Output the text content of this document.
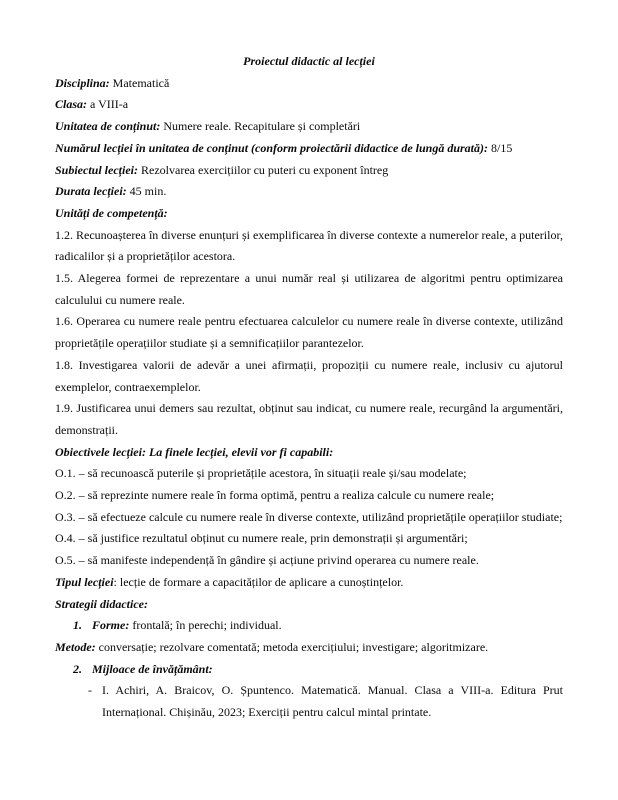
Proiectul didactic al lecției

Disciplina: Matematică

Clasa: a VIII-a

Unitatea de conținut: Numere reale. Recapitulare și completări

Numărul lecției în unitatea de conținut (conform proiectării didactice de lungă durată): 8/15

Subiectul lecției: Rezolvarea exercițiilor cu puteri cu exponent întreg

Durata lecției: 45 min.

Unități de competență:

1.2. Recunoașterea în diverse enunțuri și exemplificarea în diverse contexte a numerelor reale, a puterilor, radicalilor și a proprietăților acestora.

1.5. Alegerea formei de reprezentare a unui număr real și utilizarea de algoritmi pentru optimizarea calculului cu numere reale.

1.6. Operarea cu numere reale pentru efectuarea calculelor cu numere reale în diverse contexte, utilizând proprietățile operațiilor studiate și a semnificațiilor parantezelor.

1.8. Investigarea valorii de adevăr a unei afirmații, propoziții cu numere reale, inclusiv cu ajutorul exemplelor, contraexemplelor.

1.9. Justificarea unui demers sau rezultat, obținut sau indicat, cu numere reale, recurgând la argumentări, demonstrații.

Obiectivele lecției: La finele lecției, elevii vor fi capabili:

O.1. – să recunoască puterile și proprietățile acestora, în situații reale și/sau modelate;

O.2. – să reprezinte numere reale în forma optimă, pentru a realiza calcule cu numere reale;

O.3. – să efectueze calcule cu numere reale în diverse contexte, utilizând proprietățile operațiilor studiate;

O.4. – să justifice rezultatul obținut cu numere reale, prin demonstrații și argumentări;

O.5. – să manifeste independență în gândire și acțiune privind operarea cu numere reale.

Tipul lecției: lecție de formare a capacităților de aplicare a cunoștințelor.

Strategii didactice:

1. Forme: frontală; în perechi; individual.

Metode: conversație; rezolvare comentată; metoda exercițiului; investigare; algoritmizare.

2. Mijloace de învățământ:

- I. Achiri, A. Braicov, O. Șpuntenco. Matematică. Manual. Clasa a VIII-a. Editura Prut Internațional. Chișinău, 2023; Exerciții pentru calcul mintal printate.
